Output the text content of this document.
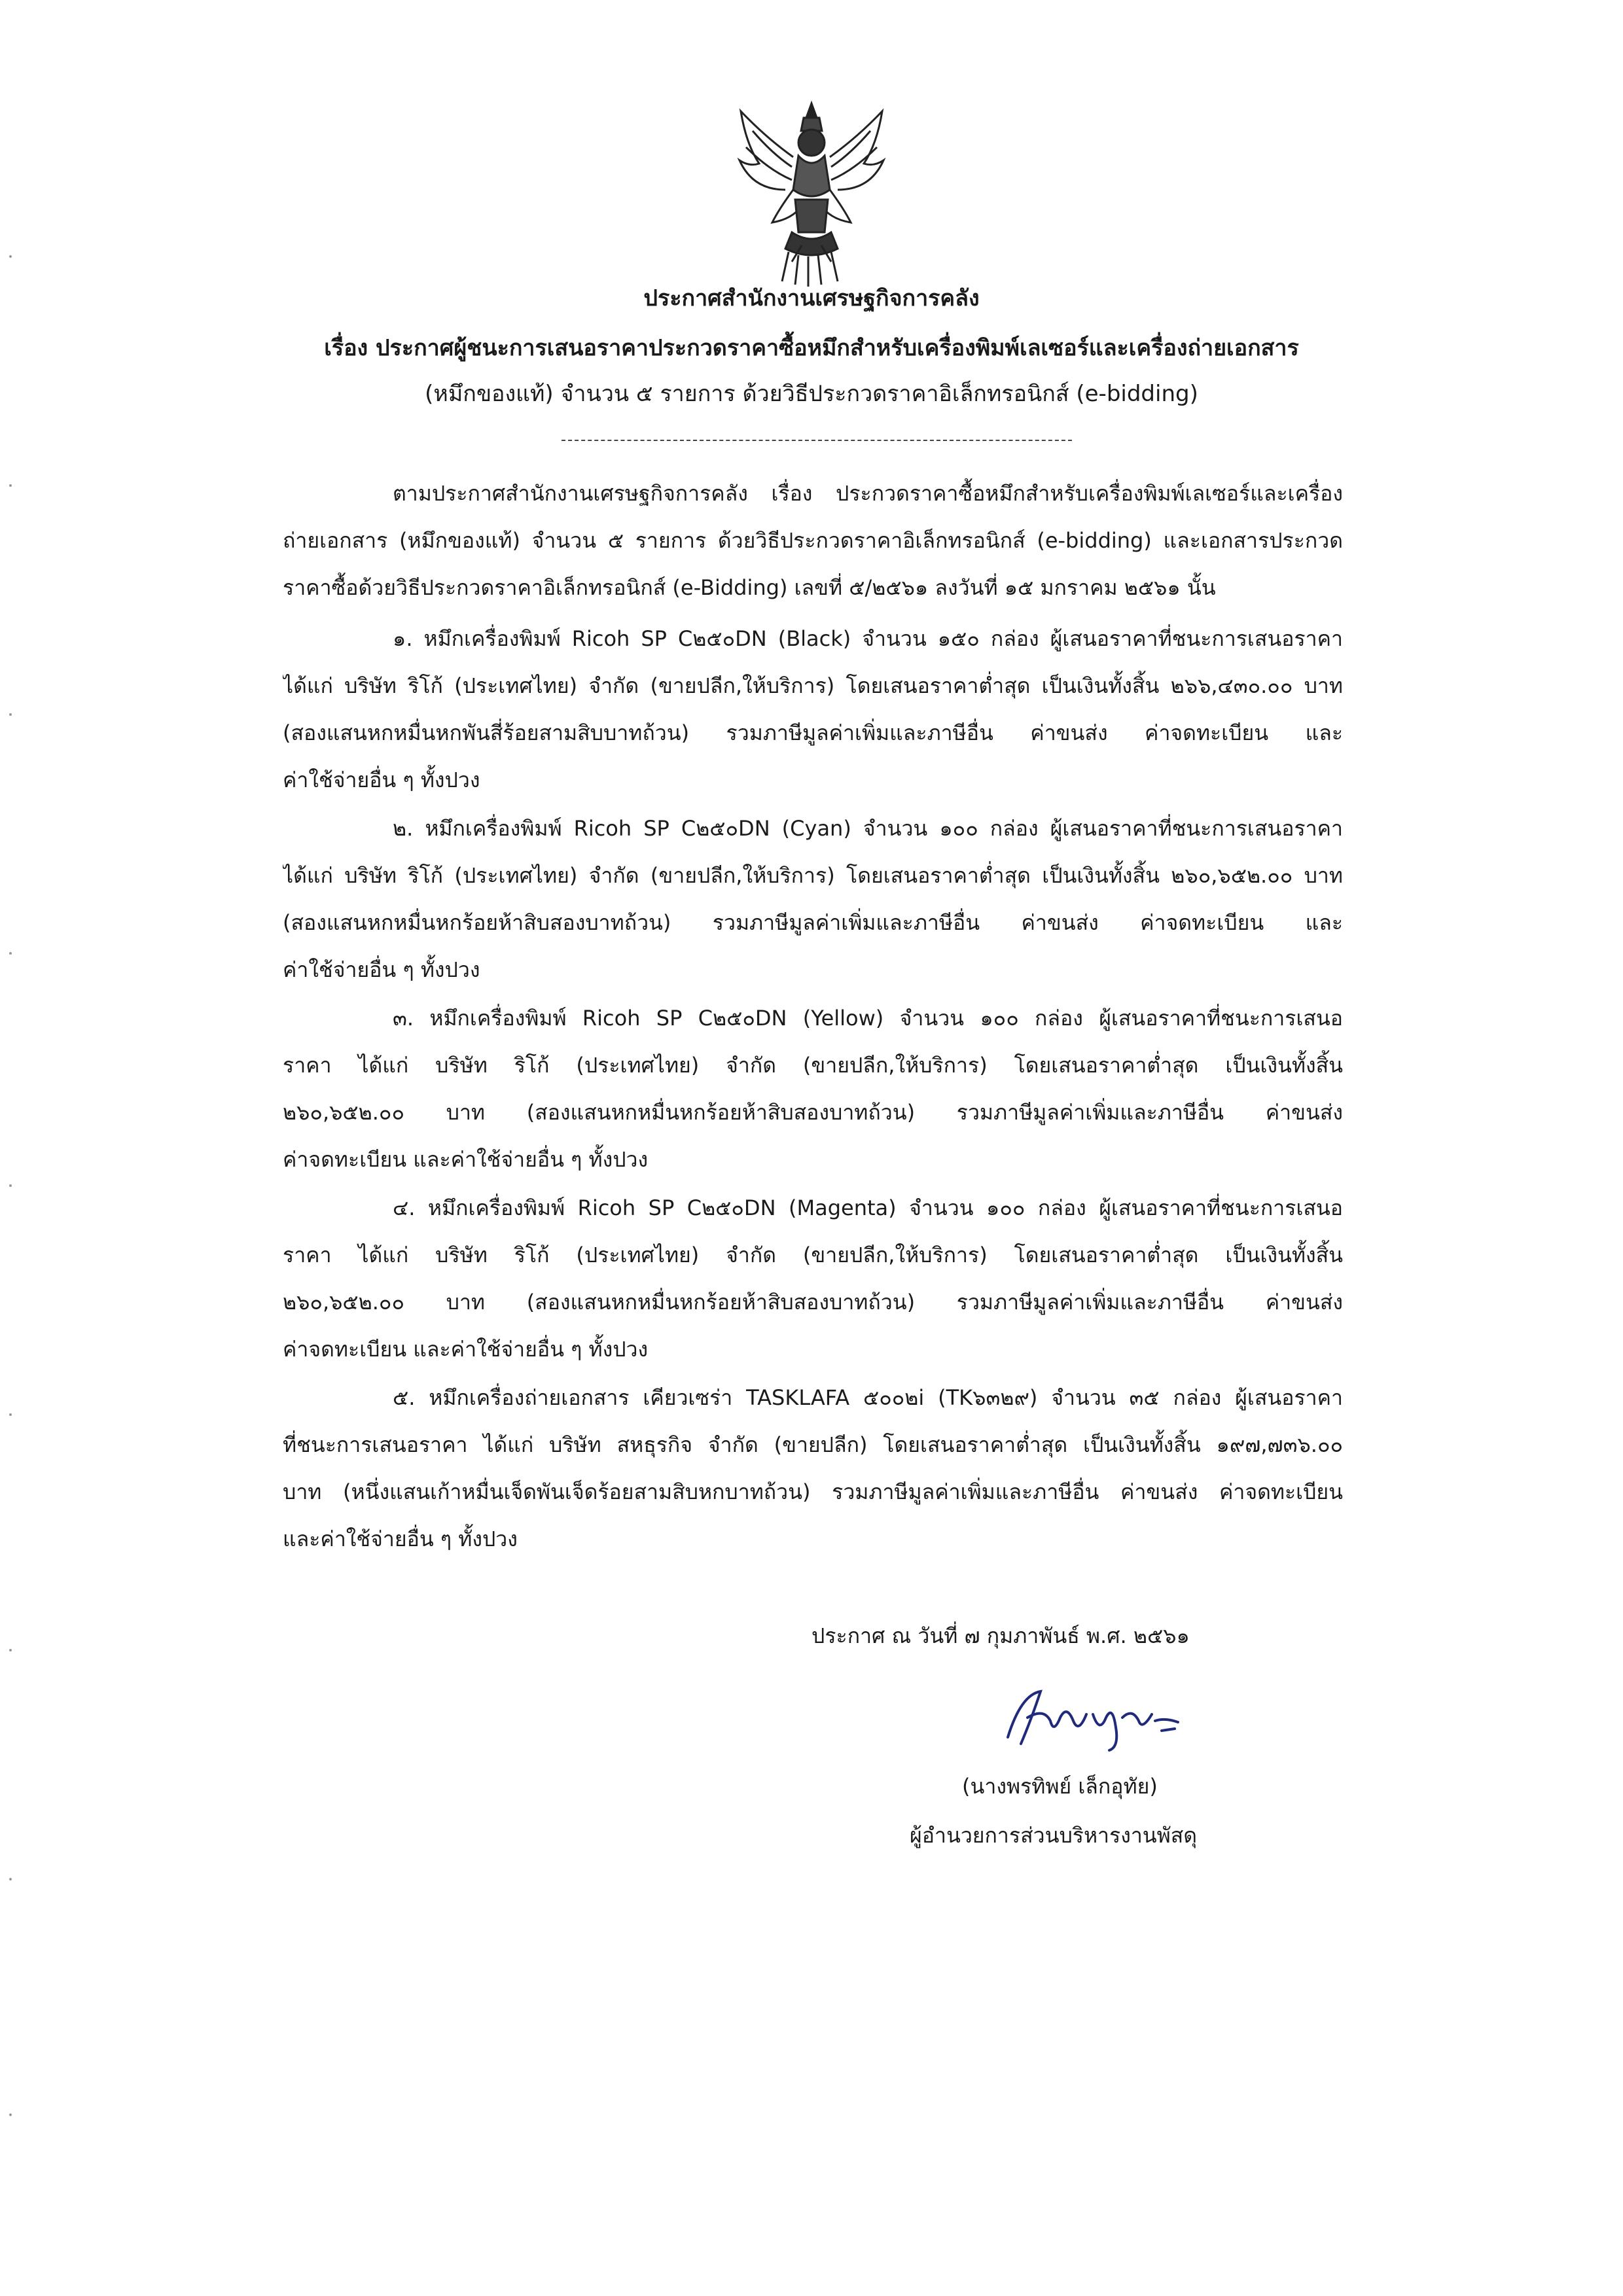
ประกาศสำนักงานเศรษฐกิจการคลัง
เรื่อง ประกาศผู้ชนะการเสนอราคาประกวดราคาซื้อหมึกสำหรับเครื่องพิมพ์เลเซอร์และเครื่องถ่ายเอกสาร
(หมึกของแท้) จำนวน ๕ รายการ ด้วยวิธีประกวดราคาอิเล็กทรอนิกส์ (e-bidding)
ตามประกาศสำนักงานเศรษฐกิจการคลัง เรื่อง ประกวดราคาซื้อหมึกสำหรับเครื่องพิมพ์เลเซอร์และเครื่อง
ถ่ายเอกสาร (หมึกของแท้) จำนวน ๕ รายการ ด้วยวิธีประกวดราคาอิเล็กทรอนิกส์ (e-bidding) และเอกสารประกวด
ราคาซื้อด้วยวิธีประกวดราคาอิเล็กทรอนิกส์ (e-Bidding) เลขที่ ๕/๒๕๖๑ ลงวันที่ ๑๕ มกราคม ๒๕๖๑ นั้น
๑. หมึกเครื่องพิมพ์ Ricoh SP C๒๕๐DN (Black) จำนวน ๑๕๐ กล่อง ผู้เสนอราคาที่ชนะการเสนอราคา
ได้แก่ บริษัท ริโก้ (ประเทศไทย) จำกัด (ขายปลีก,ให้บริการ) โดยเสนอราคาต่ำสุด เป็นเงินทั้งสิ้น ๒๖๖,๔๓๐.๐๐ บาท
(สองแสนหกหมื่นหกพันสี่ร้อยสามสิบบาทถ้วน) รวมภาษีมูลค่าเพิ่มและภาษีอื่น ค่าขนส่ง ค่าจดทะเบียน และ
ค่าใช้จ่ายอื่น ๆ ทั้งปวง
๒. หมึกเครื่องพิมพ์ Ricoh SP C๒๕๐DN (Cyan) จำนวน ๑๐๐ กล่อง ผู้เสนอราคาที่ชนะการเสนอราคา
ได้แก่ บริษัท ริโก้ (ประเทศไทย) จำกัด (ขายปลีก,ให้บริการ) โดยเสนอราคาต่ำสุด เป็นเงินทั้งสิ้น ๒๖๐,๖๕๒.๐๐ บาท
(สองแสนหกหมื่นหกร้อยห้าสิบสองบาทถ้วน) รวมภาษีมูลค่าเพิ่มและภาษีอื่น ค่าขนส่ง ค่าจดทะเบียน และ
ค่าใช้จ่ายอื่น ๆ ทั้งปวง
๓. หมึกเครื่องพิมพ์ Ricoh SP C๒๕๐DN (Yellow) จำนวน ๑๐๐ กล่อง ผู้เสนอราคาที่ชนะการเสนอ
ราคา ได้แก่ บริษัท ริโก้ (ประเทศไทย) จำกัด (ขายปลีก,ให้บริการ) โดยเสนอราคาต่ำสุด เป็นเงินทั้งสิ้น
๒๖๐,๖๕๒.๐๐ บาท (สองแสนหกหมื่นหกร้อยห้าสิบสองบาทถ้วน) รวมภาษีมูลค่าเพิ่มและภาษีอื่น ค่าขนส่ง
ค่าจดทะเบียน และค่าใช้จ่ายอื่น ๆ ทั้งปวง
๔. หมึกเครื่องพิมพ์ Ricoh SP C๒๕๐DN (Magenta) จำนวน ๑๐๐ กล่อง ผู้เสนอราคาที่ชนะการเสนอ
ราคา ได้แก่ บริษัท ริโก้ (ประเทศไทย) จำกัด (ขายปลีก,ให้บริการ) โดยเสนอราคาต่ำสุด เป็นเงินทั้งสิ้น
๒๖๐,๖๕๒.๐๐ บาท (สองแสนหกหมื่นหกร้อยห้าสิบสองบาทถ้วน) รวมภาษีมูลค่าเพิ่มและภาษีอื่น ค่าขนส่ง
ค่าจดทะเบียน และค่าใช้จ่ายอื่น ๆ ทั้งปวง
๕. หมึกเครื่องถ่ายเอกสาร เคียวเซร่า TASKLAFA ๕๐๐๒i (TK๖๓๒๙) จำนวน ๓๕ กล่อง ผู้เสนอราคา
ที่ชนะการเสนอราคา ได้แก่ บริษัท สหธุรกิจ จำกัด (ขายปลีก) โดยเสนอราคาต่ำสุด เป็นเงินทั้งสิ้น ๑๙๗,๗๓๖.๐๐
บาท (หนึ่งแสนเก้าหมื่นเจ็ดพันเจ็ดร้อยสามสิบหกบาทถ้วน) รวมภาษีมูลค่าเพิ่มและภาษีอื่น ค่าขนส่ง ค่าจดทะเบียน
และค่าใช้จ่ายอื่น ๆ ทั้งปวง
ประกาศ ณ วันที่ ๗ กุมภาพันธ์ พ.ศ. ๒๕๖๑
(นางพรทิพย์ เล็กอุทัย)
ผู้อำนวยการส่วนบริหารงานพัสดุ
